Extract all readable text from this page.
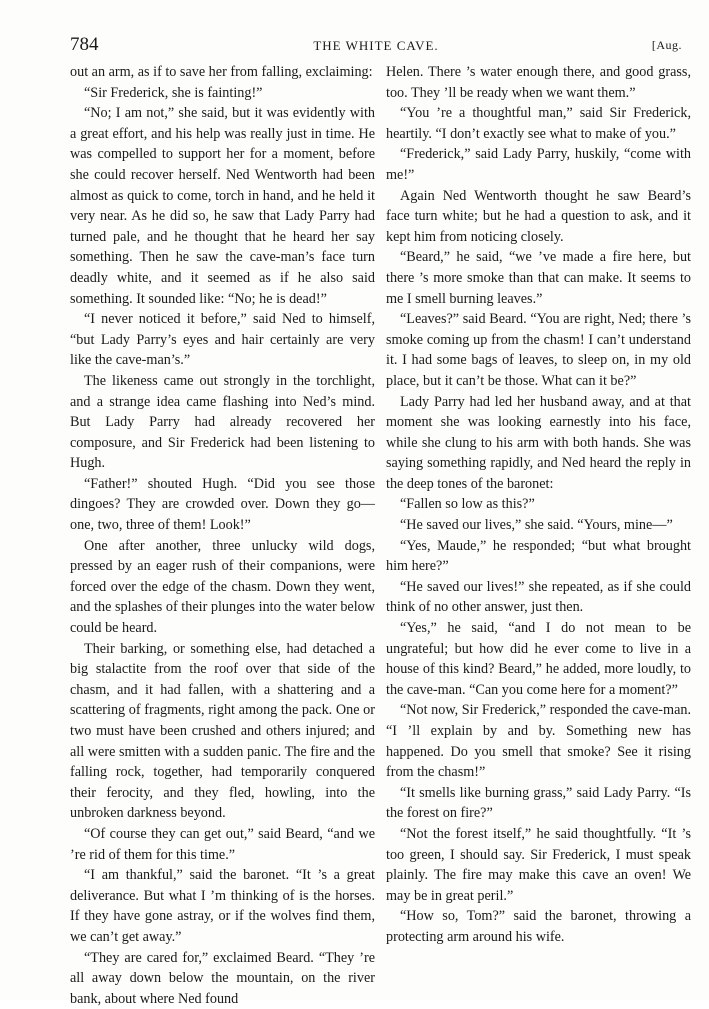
784	THE WHITE CAVE.	[Aug.

out an arm, as if to save her from falling, exclaiming:

“Sir Frederick, she is fainting!”

“No; I am not,” she said, but it was evidently with a great effort, and his help was really just in time. He was compelled to support her for a moment, before she could recover herself. Ned Wentworth had been almost as quick to come, torch in hand, and he held it very near. As he did so, he saw that Lady Parry had turned pale, and he thought that he heard her say something. Then he saw the cave-man’s face turn deadly white, and it seemed as if he also said something. It sounded like: “No; he is dead!”

“I never noticed it before,” said Ned to himself, “but Lady Parry’s eyes and hair certainly are very like the cave-man’s.”

The likeness came out strongly in the torchlight, and a strange idea came flashing into Ned’s mind. But Lady Parry had already recovered her composure, and Sir Frederick had been listening to Hugh.

“Father!” shouted Hugh. “Did you see those dingoes? They are crowded over. Down they go—one, two, three of them! Look!”

One after another, three unlucky wild dogs, pressed by an eager rush of their companions, were forced over the edge of the chasm. Down they went, and the splashes of their plunges into the water below could be heard.

Their barking, or something else, had detached a big stalactite from the roof over that side of the chasm, and it had fallen, with a shattering and a scattering of fragments, right among the pack. One or two must have been crushed and others injured; and all were smitten with a sudden panic. The fire and the falling rock, together, had temporarily conquered their ferocity, and they fled, howling, into the unbroken darkness beyond.

“Of course they can get out,” said Beard, “and we ’re rid of them for this time.”

“I am thankful,” said the baronet. “It ’s a great deliverance. But what I ’m thinking of is the horses. If they have gone astray, or if the wolves find them, we can’t get away.”

“They are cared for,” exclaimed Beard. “They ’re all away down below the mountain, on the river bank, about where Ned found

Helen. There ’s water enough there, and good grass, too. They ’ll be ready when we want them.”

“You ’re a thoughtful man,” said Sir Frederick, heartily. “I don’t exactly see what to make of you.”

“Frederick,” said Lady Parry, huskily, “come with me!”

Again Ned Wentworth thought he saw Beard’s face turn white; but he had a question to ask, and it kept him from noticing closely.

“Beard,” he said, “we ’ve made a fire here, but there ’s more smoke than that can make. It seems to me I smell burning leaves.”

“Leaves?” said Beard. “You are right, Ned; there ’s smoke coming up from the chasm! I can’t understand it. I had some bags of leaves, to sleep on, in my old place, but it can’t be those. What can it be?”

Lady Parry had led her husband away, and at that moment she was looking earnestly into his face, while she clung to his arm with both hands. She was saying something rapidly, and Ned heard the reply in the deep tones of the baronet:

“Fallen so low as this?”

“He saved our lives,” she said. “Yours, mine—”

“Yes, Maude,” he responded; “but what brought him here?”

“He saved our lives!” she repeated, as if she could think of no other answer, just then.

“Yes,” he said, “and I do not mean to be ungrateful; but how did he ever come to live in a house of this kind? Beard,” he added, more loudly, to the cave-man. “Can you come here for a moment?”

“Not now, Sir Frederick,” responded the cave-man. “I ’ll explain by and by. Something new has happened. Do you smell that smoke? See it rising from the chasm!”

“It smells like burning grass,” said Lady Parry. “Is the forest on fire?”

“Not the forest itself,” he said thoughtfully. “It ’s too green, I should say. Sir Frederick, I must speak plainly. The fire may make this cave an oven! We may be in great peril.”

“How so, Tom?” said the baronet, throwing a protecting arm around his wife.
